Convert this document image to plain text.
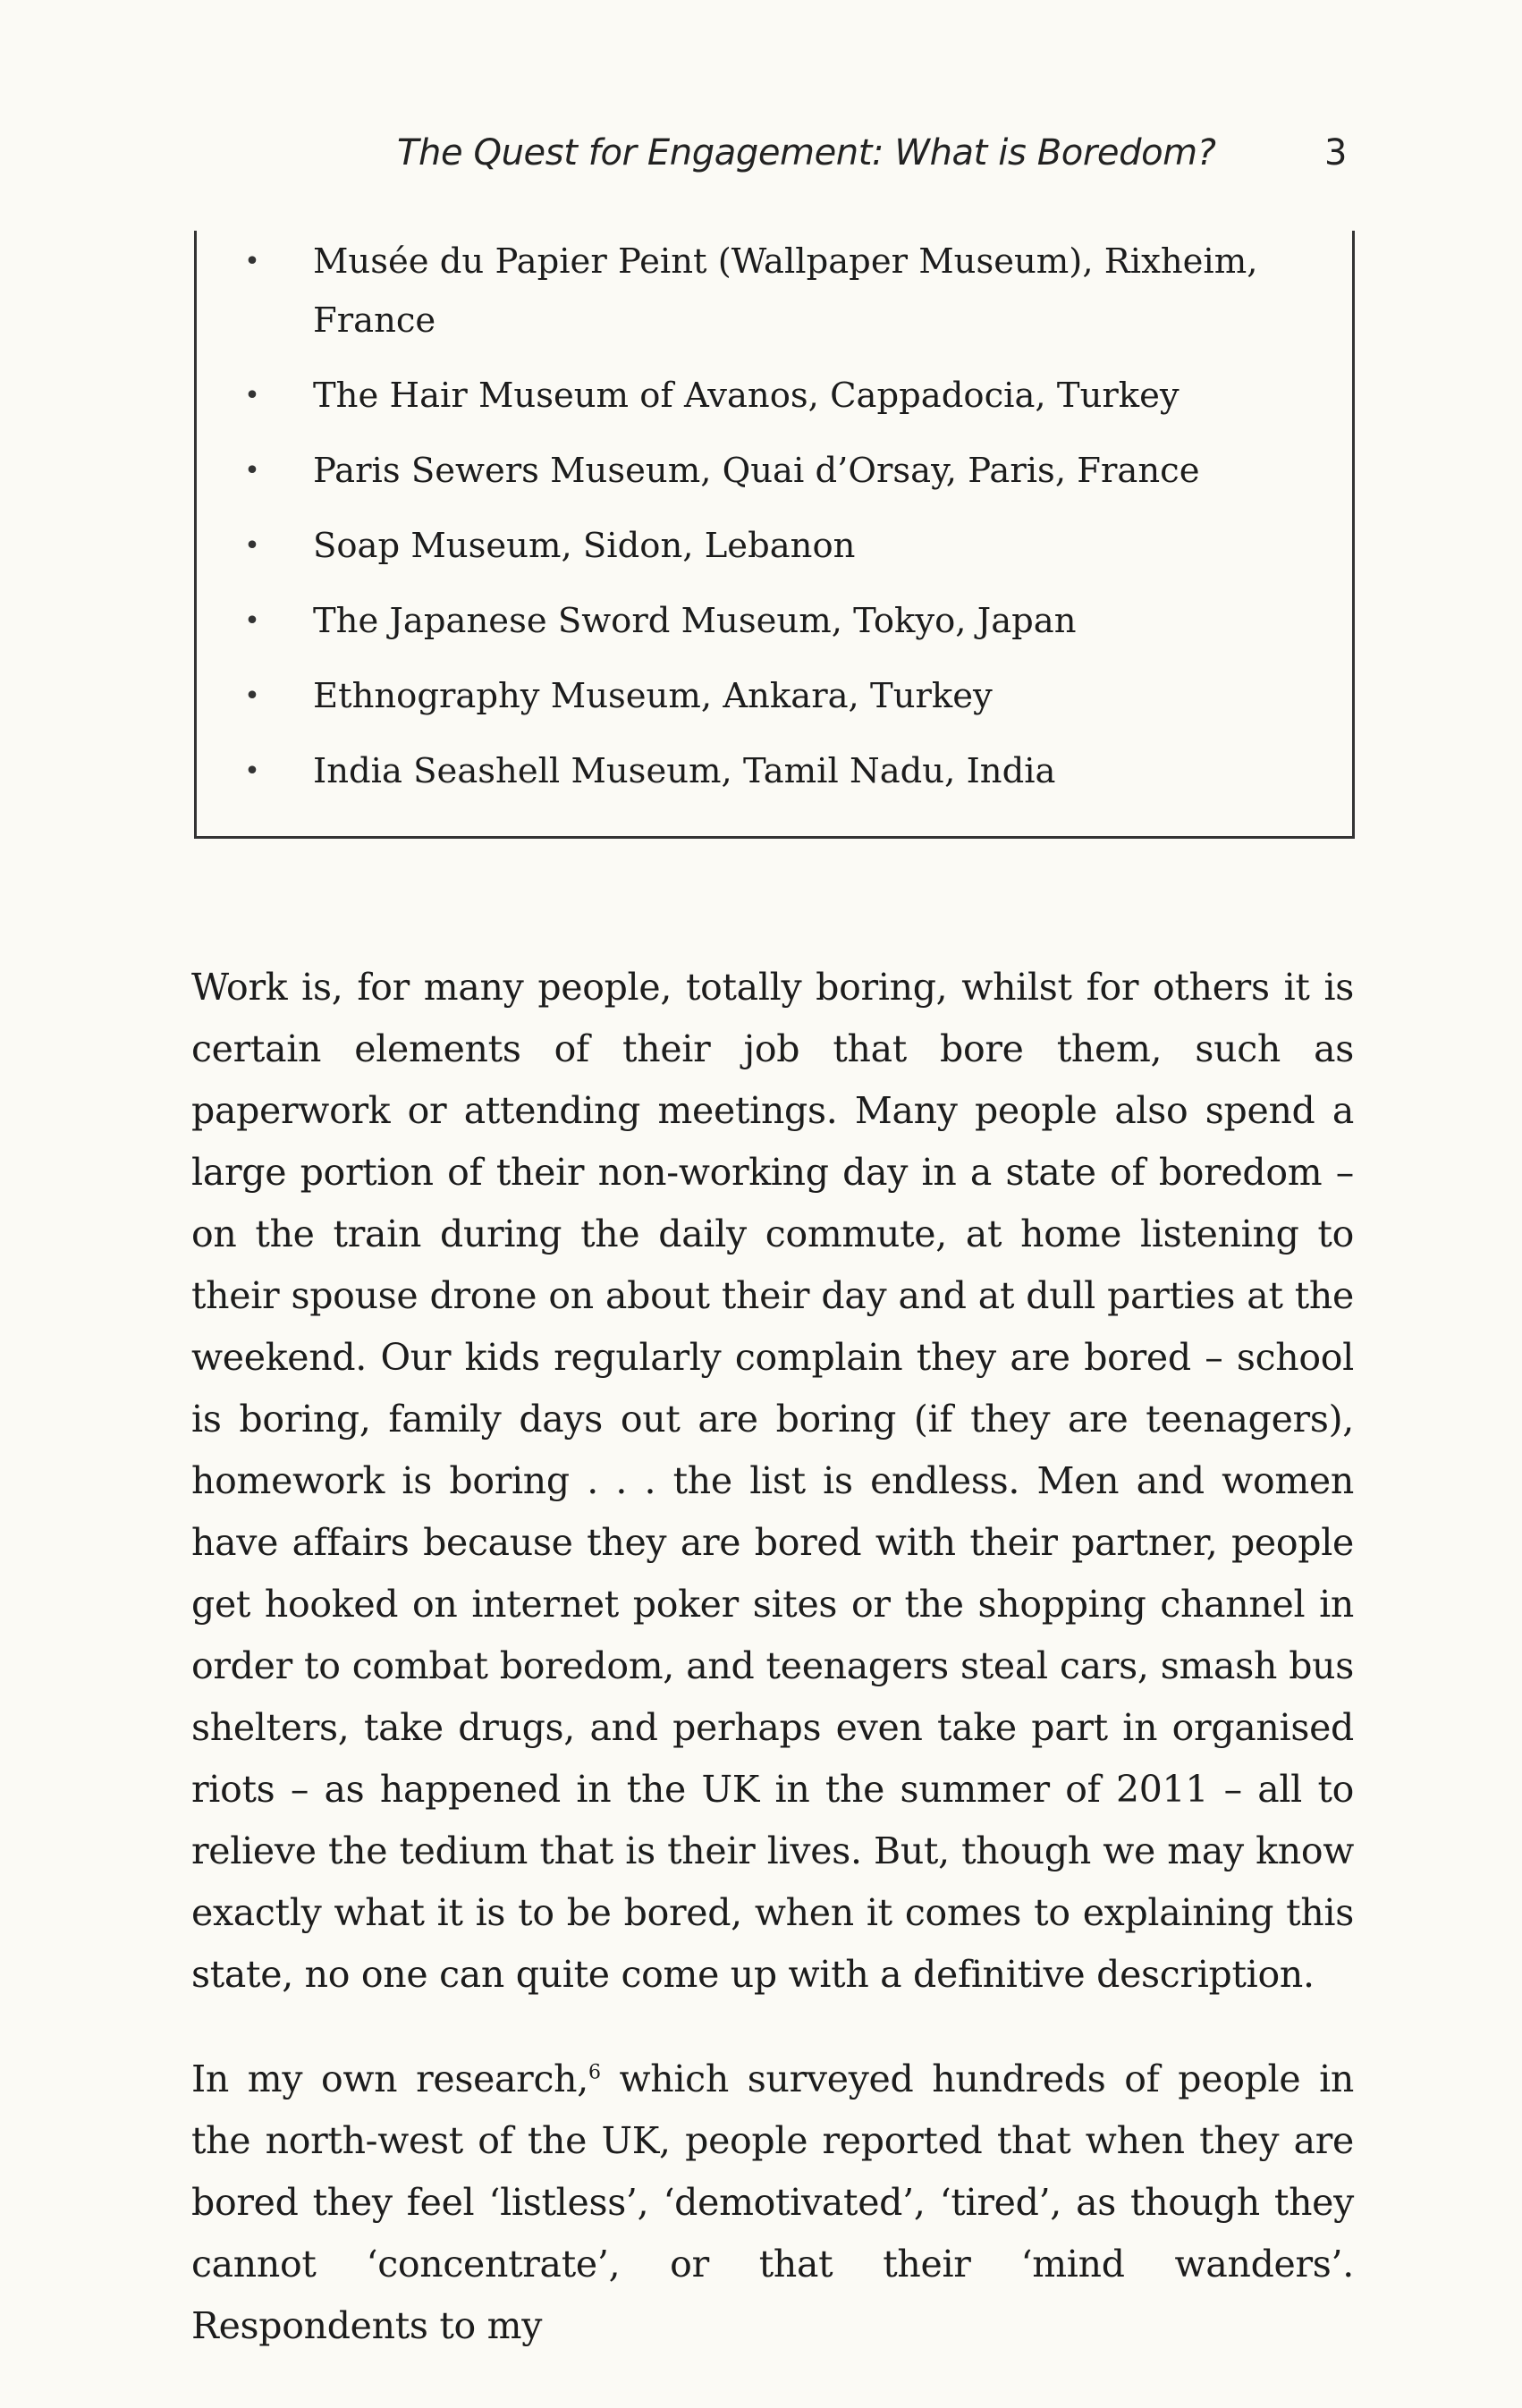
The Quest for Engagement: What is Boredom?	3
• Musée du Papier Peint (Wallpaper Museum), Rixheim, France
• The Hair Museum of Avanos, Cappadocia, Turkey
• Paris Sewers Museum, Quai d’Orsay, Paris, France
• Soap Museum, Sidon, Lebanon
• The Japanese Sword Museum, Tokyo, Japan
• Ethnography Museum, Ankara, Turkey
• India Seashell Museum, Tamil Nadu, India

Work is, for many people, totally boring, whilst for others it is certain elements of their job that bore them, such as paperwork or attending meetings. Many people also spend a large portion of their non-working day in a state of boredom – on the train during the daily commute, at home listening to their spouse drone on about their day and at dull parties at the weekend. Our kids regularly complain they are bored – school is boring, family days out are boring (if they are teenagers), homework is boring . . . the list is endless. Men and women have affairs because they are bored with their partner, people get hooked on internet poker sites or the shopping channel in order to combat boredom, and teenagers steal cars, smash bus shelters, take drugs, and perhaps even take part in organised riots – as happened in the UK in the summer of 2011 – all to relieve the tedium that is their lives. But, though we may know exactly what it is to be bored, when it comes to explaining this state, no one can quite come up with a definitive description.

In my own research,$^6$ which surveyed hundreds of people in the north-west of the UK, people reported that when they are bored they feel ‘listless’, ‘demotivated’, ‘tired’, as though they cannot ‘concentrate’, or that their ‘mind wanders’. Respondents to my
